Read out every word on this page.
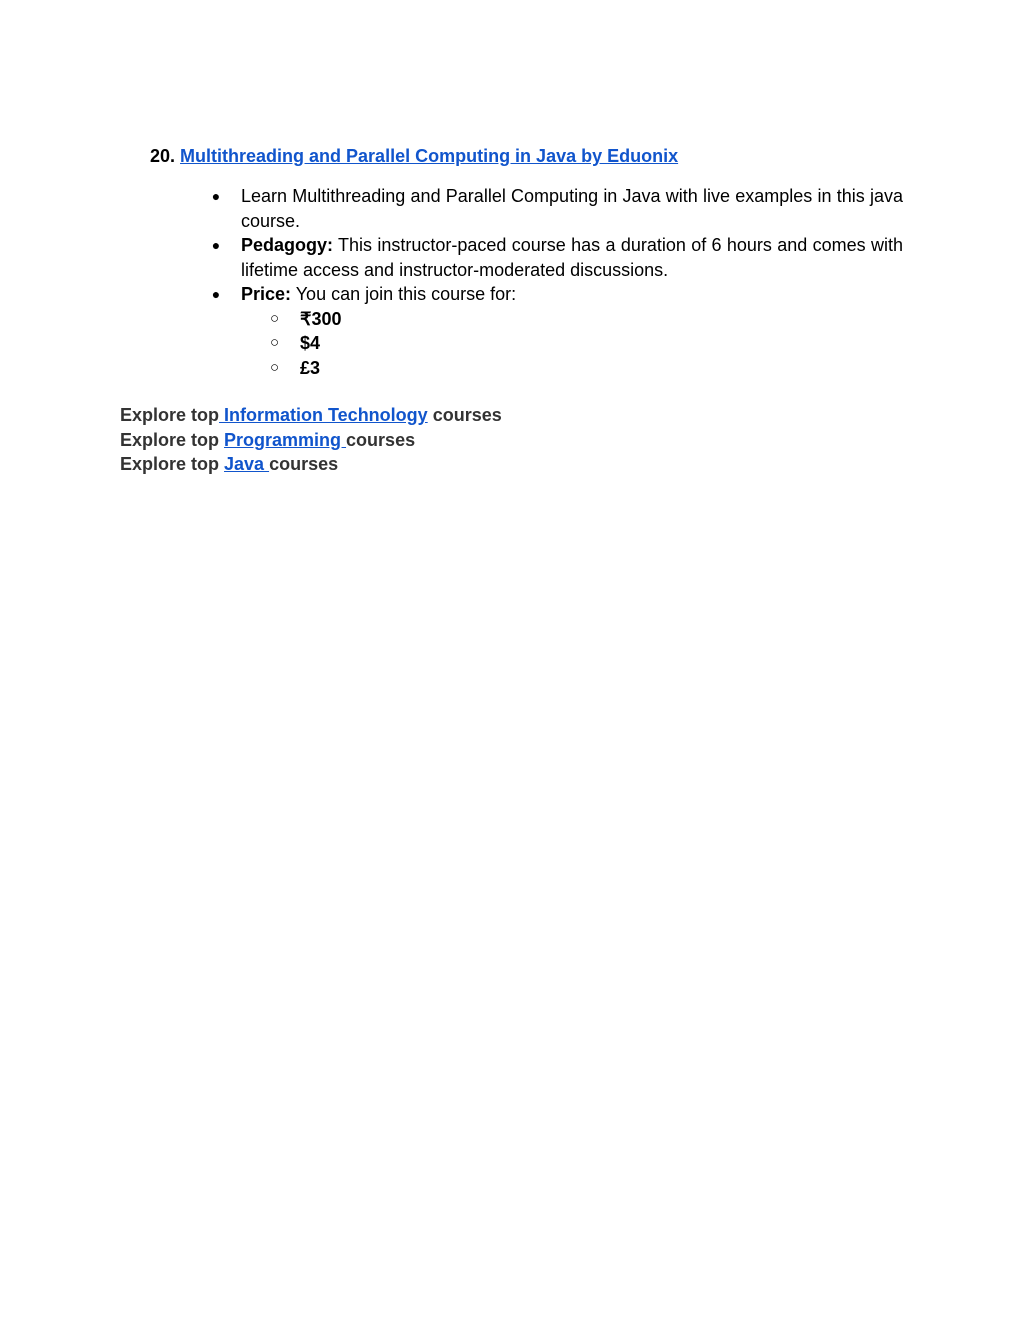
20. Multithreading and Parallel Computing in Java by Eduonix
● Learn Multithreading and Parallel Computing in Java with live examples in this java course.
● Pedagogy: This instructor-paced course has a duration of 6 hours and comes with lifetime access and instructor-moderated discussions.
● Price: You can join this course for:
○ ₹300
○ $4
○ £3
Explore top Information Technology courses
Explore top Programming courses
Explore top Java courses
